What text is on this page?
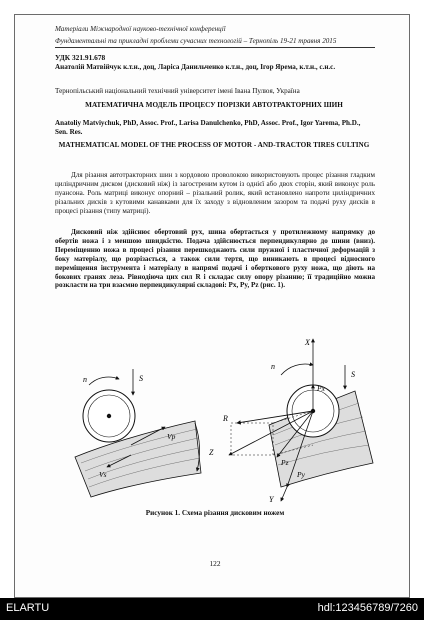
Матеріали Міжнародної науково-технічної конференції
Фундаментальні та прикладні проблеми сучасних технологій – Тернопіль 19-21 травня 2015
УДК 321.91.678
Анатолій Матвійчук к.т.н., доц, Ларіса Данильченко к.т.н., доц, Ігор Ярема, к.т.н., с.н.с.
Тернопільський національний технічний університет імені Івана Пулюя, Україна
МАТЕМАТИЧНА МОДЕЛЬ ПРОЦЕСУ ПОРІЗКИ АВТОТРАКТОРНИХ ШИН
Anatoliy Matviychuk, PhD, Assoc. Prof., Larisa Danulchenko, PhD, Assoc. Prof., Igor Yarema, Ph.D., Sen. Res.
MATHEMATICAL MODEL OF THE PROCESS OF MOTOR - AND-TRACTOR TIRES CULTING
Для різання автотракторних шин з кордовою проволокою використовують процес різання гладким циліндричним диском (дисковий ніж) із загостреним кутом із однієї або двох сторін, який виконує роль пуансона. Роль матриці виконує опорний – різальний ролик, який встановлено напроти циліндричних різальних дисків з кутовими канавками для їх заходу з відновленим зазором та подачі руху дисків в процесі різання (типу матриці).
Дисковий ніж здійснює обертовий рух, шина обертається у протилежному напрямку до обертів ножа і з меншою швидкістю. Подача здійснюється перпендикулярно до шини (вниз). Переміщенню ножа в процесі різання перешкоджають сили пружної і пластичної деформацій з боку матеріалу, що розрізається, а також сили тертя, що виникають в процесі відносного переміщення інструмента і матеріалу в напрямі подачі і оберткового руху ножа, що діють на бокових гранях леза. Рівнодіюча цих сил R і складає силу опору різанню; її традиційно можна розкласти на три взаємно перпендикулярні складові: Px, Py, Pz (рис. 1).
n	S
Vp
Vs
X
n
S
Px
R
Z
Pz
Py
Y
Рисунок 1. Схема різання дисковим ножем
122
ELARTU	hdl:123456789/7260
